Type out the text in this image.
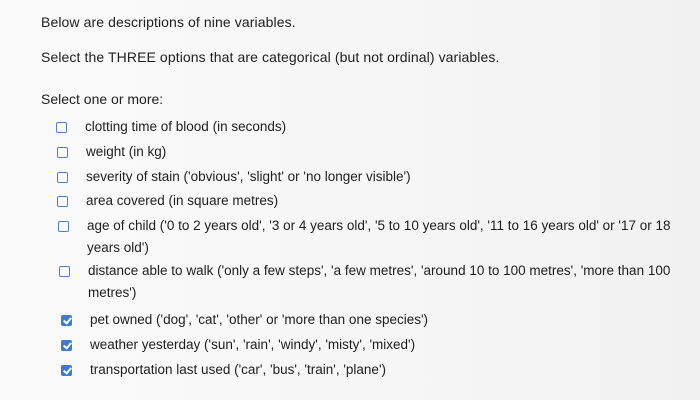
Below are descriptions of nine variables.
Select the THREE options that are categorical (but not ordinal) variables.
Select one or more:
clotting time of blood (in seconds)
weight (in kg)
severity of stain ('obvious', 'slight' or 'no longer visible')
area covered (in square metres)
age of child ('0 to 2 years old', '3 or 4 years old', '5 to 10 years old', '11 to 16 years old' or '17 or 18
years old')
distance able to walk ('only a few steps', 'a few metres', 'around 10 to 100 metres', 'more than 100
metres')
pet owned ('dog', 'cat', 'other' or 'more than one species')
weather yesterday ('sun', 'rain', 'windy', 'misty', 'mixed')
transportation last used ('car', 'bus', 'train', 'plane')
